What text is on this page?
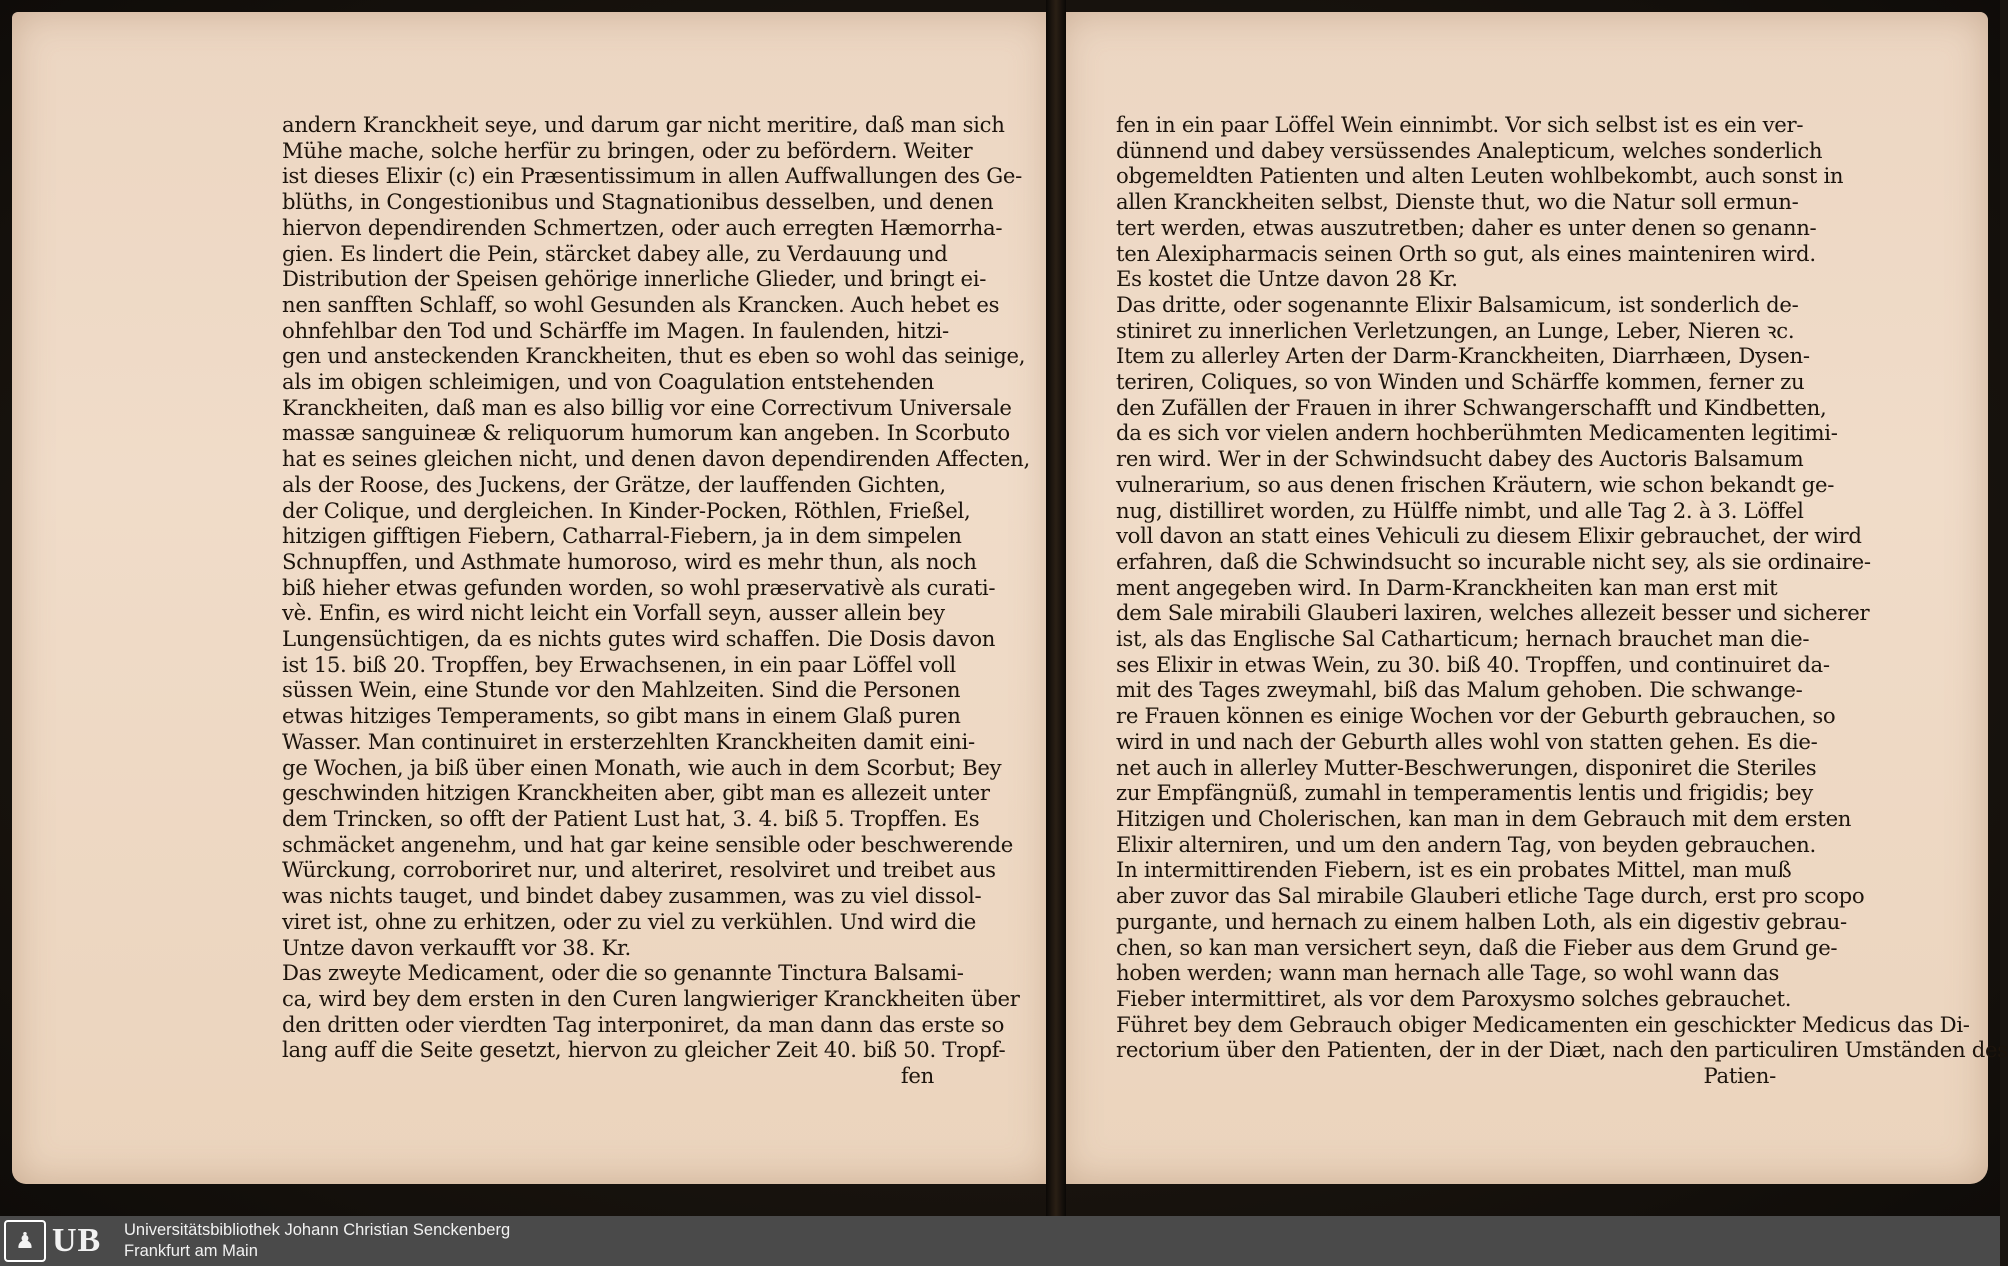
andern Kranckheit seye, und darum gar nicht meritire, daß man sich
Mühe mache, solche herfür zu bringen, oder zu befördern. Weiter
ist dieses Elixir (c) ein Præsentissimum in allen Auffwallungen des Ge-
blüths, in Congestionibus und Stagnationibus desselben, und denen
hiervon dependirenden Schmertzen, oder auch erregten Hæmorrha-
gien. Es lindert die Pein, stärcket dabey alle, zu Verdauung und
Distribution der Speisen gehörige innerliche Glieder, und bringt ei-
nen sanfften Schlaff, so wohl Gesunden als Krancken. Auch hebet es
ohnfehlbar den Tod und Schärffe im Magen. In faulenden, hitzi-
gen und ansteckenden Kranckheiten, thut es eben so wohl das seinige,
als im obigen schleimigen, und von Coagulation entstehenden
Kranckheiten, daß man es also billig vor eine Correctivum Universale
massæ sanguineæ & reliquorum humorum kan angeben. In Scorbuto
hat es seines gleichen nicht, und denen davon dependirenden Affecten,
als der Roose, des Juckens, der Grätze, der lauffenden Gichten,
der Colique, und dergleichen. In Kinder-Pocken, Röthlen, Frießel,
hitzigen gifftigen Fiebern, Catharral-Fiebern, ja in dem simpelen
Schnupffen, und Asthmate humoroso, wird es mehr thun, als noch
biß hieher etwas gefunden worden, so wohl præservativè als curati-
vè. Enfin, es wird nicht leicht ein Vorfall seyn, ausser allein bey
Lungensüchtigen, da es nichts gutes wird schaffen. Die Dosis davon
ist 15. biß 20. Tropffen, bey Erwachsenen, in ein paar Löffel voll
süssen Wein, eine Stunde vor den Mahlzeiten. Sind die Personen
etwas hitziges Temperaments, so gibt mans in einem Glaß puren
Wasser. Man continuiret in ersterzehlten Kranckheiten damit eini-
ge Wochen, ja biß über einen Monath, wie auch in dem Scorbut; Bey
geschwinden hitzigen Kranckheiten aber, gibt man es allezeit unter
dem Trincken, so offt der Patient Lust hat, 3. 4. biß 5. Tropffen. Es
schmäcket angenehm, und hat gar keine sensible oder beschwerende
Würckung, corroboriret nur, und alteriret, resolviret und treibet aus
was nichts tauget, und bindet dabey zusammen, was zu viel dissol-
viret ist, ohne zu erhitzen, oder zu viel zu verkühlen. Und wird die
Untze davon verkaufft vor 38. Kr.
Das zweyte Medicament, oder die so genannte Tinctura Balsami-
ca, wird bey dem ersten in den Curen langwieriger Kranckheiten über
den dritten oder vierdten Tag interponiret, da man dann das erste so
lang auff die Seite gesetzt, hiervon zu gleicher Zeit 40. biß 50. Tropf-
fen
fen in ein paar Löffel Wein einnimbt. Vor sich selbst ist es ein ver-
dünnend und dabey versüssendes Analepticum, welches sonderlich
obgemeldten Patienten und alten Leuten wohlbekombt, auch sonst in
allen Kranckheiten selbst, Dienste thut, wo die Natur soll ermun-
tert werden, etwas auszutretben; daher es unter denen so genann-
ten Alexipharmacis seinen Orth so gut, als eines mainteniren wird.
Es kostet die Untze davon 28 Kr.
Das dritte, oder sogenannte Elixir Balsamicum, ist sonderlich de-
stiniret zu innerlichen Verletzungen, an Lunge, Leber, Nieren ꝛc.
Item zu allerley Arten der Darm-Kranckheiten, Diarrhæen, Dysen-
teriren, Coliques, so von Winden und Schärffe kommen, ferner zu
den Zufällen der Frauen in ihrer Schwangerschafft und Kindbetten,
da es sich vor vielen andern hochberühmten Medicamenten legitimi-
ren wird. Wer in der Schwindsucht dabey des Auctoris Balsamum
vulnerarium, so aus denen frischen Kräutern, wie schon bekandt ge-
nug, distilliret worden, zu Hülffe nimbt, und alle Tag 2. à 3. Löffel
voll davon an statt eines Vehiculi zu diesem Elixir gebrauchet, der wird
erfahren, daß die Schwindsucht so incurable nicht sey, als sie ordinaire-
ment angegeben wird. In Darm-Kranckheiten kan man erst mit
dem Sale mirabili Glauberi laxiren, welches allezeit besser und sicherer
ist, als das Englische Sal Catharticum; hernach brauchet man die-
ses Elixir in etwas Wein, zu 30. biß 40. Tropffen, und continuiret da-
mit des Tages zweymahl, biß das Malum gehoben. Die schwange-
re Frauen können es einige Wochen vor der Geburth gebrauchen, so
wird in und nach der Geburth alles wohl von statten gehen. Es die-
net auch in allerley Mutter-Beschwerungen, disponiret die Steriles
zur Empfängnüß, zumahl in temperamentis lentis und frigidis; bey
Hitzigen und Cholerischen, kan man in dem Gebrauch mit dem ersten
Elixir alterniren, und um den andern Tag, von beyden gebrauchen.
In intermittirenden Fiebern, ist es ein probates Mittel, man muß
aber zuvor das Sal mirabile Glauberi etliche Tage durch, erst pro scopo
purgante, und hernach zu einem halben Loth, als ein digestiv gebrau-
chen, so kan man versichert seyn, daß die Fieber aus dem Grund ge-
hoben werden; wann man hernach alle Tage, so wohl wann das
Fieber intermittiret, als vor dem Paroxysmo solches gebrauchet.
Führet bey dem Gebrauch obiger Medicamenten ein geschickter Medicus das Di-
rectorium über den Patienten, der in der Diæt, nach den particuliren Umständen des
Patien-
♟ UB Universitätsbibliothek Johann Christian Senckenberg
Frankfurt am Main
